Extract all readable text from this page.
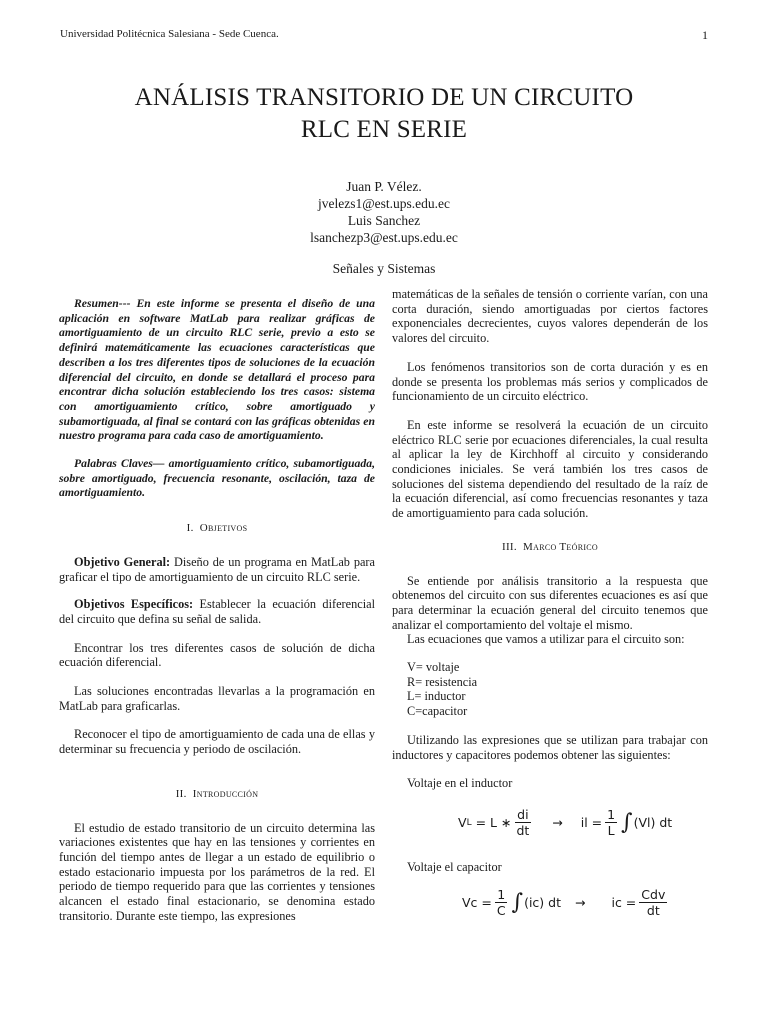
Universidad Politécnica Salesiana - Sede Cuenca.	1
ANÁLISIS TRANSITORIO DE UN CIRCUITO
RLC EN SERIE
Juan P. Vélez.
jvelezs1@est.ups.edu.ec
Luis Sanchez
lsanchezp3@est.ups.edu.ec
Señales y Sistemas

Resumen--- En este informe se presenta el diseño de una aplicación en software MatLab para realizar gráficas de amortiguamiento de un circuito RLC serie, previo a esto se definirá matemáticamente las ecuaciones características que describen a los tres diferentes tipos de soluciones de la ecuación diferencial del circuito, en donde se detallará el proceso para encontrar dicha solución estableciendo los tres casos: sistema con amortiguamiento crítico, sobre amortiguado y subamortiguada, al final se contará con las gráficas obtenidas en nuestro programa para cada caso de amortiguamiento.

Palabras Claves— amortiguamiento crítico, subamortiguada, sobre amortiguado, frecuencia resonante, oscilación, taza de amortiguamiento.

I. Objetivos

Objetivo General: Diseño de un programa en MatLab para graficar el tipo de amortiguamiento de un circuito RLC serie.

Objetivos Específicos: Establecer la ecuación diferencial del circuito que defina su señal de salida.

Encontrar los tres diferentes casos de solución de dicha ecuación diferencial.

Las soluciones encontradas llevarlas a la programación en MatLab para graficarlas.

Reconocer el tipo de amortiguamiento de cada una de ellas y determinar su frecuencia y periodo de oscilación.

II. Introducción

El estudio de estado transitorio de un circuito determina las variaciones existentes que hay en las tensiones y corrientes en función del tiempo antes de llegar a un estado de equilibrio o estado estacionario impuesta por los parámetros de la red. El periodo de tiempo requerido para que las corrientes y tensiones alcancen el estado final estacionario, se denomina estado transitorio. Durante este tiempo, las expresiones

matemáticas de la señales de tensión o corriente varían, con una corta duración, siendo amortiguadas por ciertos factores exponenciales decrecientes, cuyos valores dependerán de los valores del circuito.

Los fenómenos transitorios son de corta duración y es en donde se presenta los problemas más serios y complicados de funcionamiento de un circuito eléctrico.

En este informe se resolverá la ecuación de un circuito eléctrico RLC serie por ecuaciones diferenciales, la cual resulta al aplicar la ley de Kirchhoff al circuito y considerando condiciones iniciales. Se verá también los tres casos de soluciones del sistema dependiendo del resultado de la raíz de la ecuación diferencial, así como frecuencias resonantes y taza de amortiguamiento para cada solución.

III. Marco Teórico

Se entiende por análisis transitorio a la respuesta que obtenemos del circuito con sus diferentes ecuaciones es así que para determinar la ecuación general del circuito tenemos que analizar el comportamiento del voltaje el mismo.

Las ecuaciones que vamos a utilizar para el circuito son:

V= voltaje

R= resistencia

L= inductor

C=capacitor

Utilizando las expresiones que se utilizan para trabajar con inductores y capacitores podemos obtener las siguientes:

Voltaje en el inductor

V L = L ∗ $\frac{di}{dt}$ → il = $\frac{1}{L}$ ∫ (Vl) dt

Voltaje el capacitor

$Vc = \frac{1}{C}$ ∫ (ic) dt → ic = $\frac{\text{Cdv}}{dt}$
